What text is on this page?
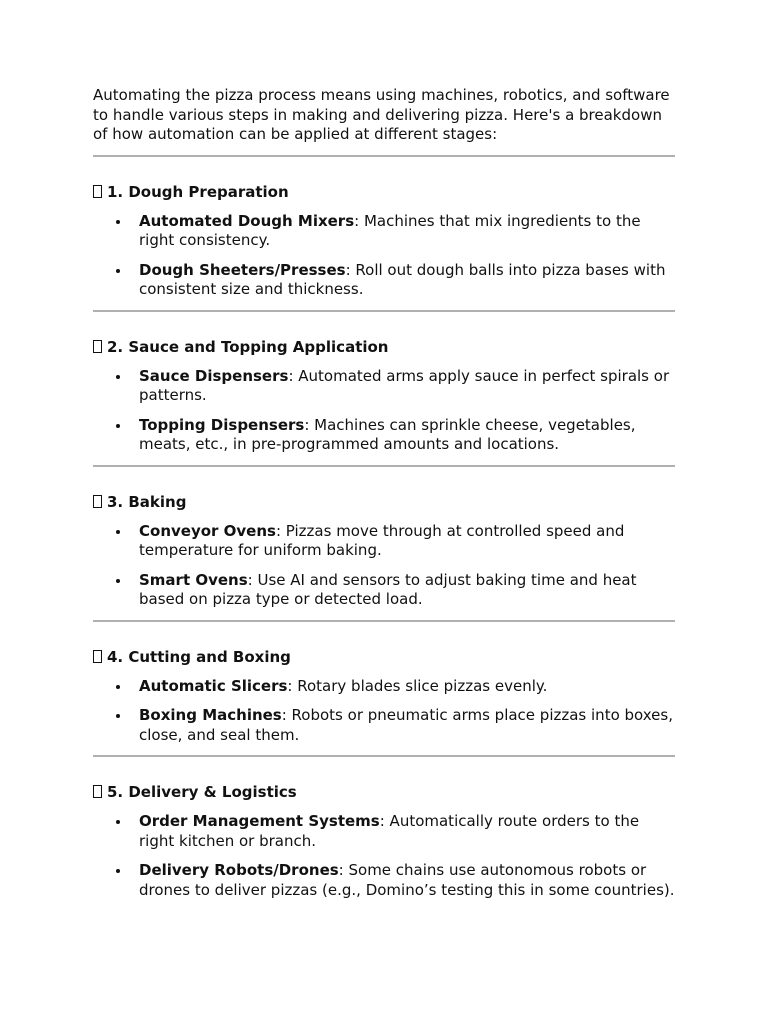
Automating the pizza process means using machines, robotics, and software to handle various steps in making and delivering pizza. Here's a breakdown of how automation can be applied at different stages:

1. Dough Preparation
Automated Dough Mixers: Machines that mix ingredients to the right consistency.
Dough Sheeters/Presses: Roll out dough balls into pizza bases with consistent size and thickness.
2. Sauce and Topping Application
Sauce Dispensers: Automated arms apply sauce in perfect spirals or patterns.
Topping Dispensers: Machines can sprinkle cheese, vegetables, meats, etc., in pre-programmed amounts and locations.
3. Baking
Conveyor Ovens: Pizzas move through at controlled speed and temperature for uniform baking.
Smart Ovens: Use AI and sensors to adjust baking time and heat based on pizza type or detected load.
4. Cutting and Boxing
Automatic Slicers: Rotary blades slice pizzas evenly.
Boxing Machines: Robots or pneumatic arms place pizzas into boxes, close, and seal them.
5. Delivery & Logistics
Order Management Systems: Automatically route orders to the right kitchen or branch.
Delivery Robots/Drones: Some chains use autonomous robots or drones to deliver pizzas (e.g., Domino’s testing this in some countries).
